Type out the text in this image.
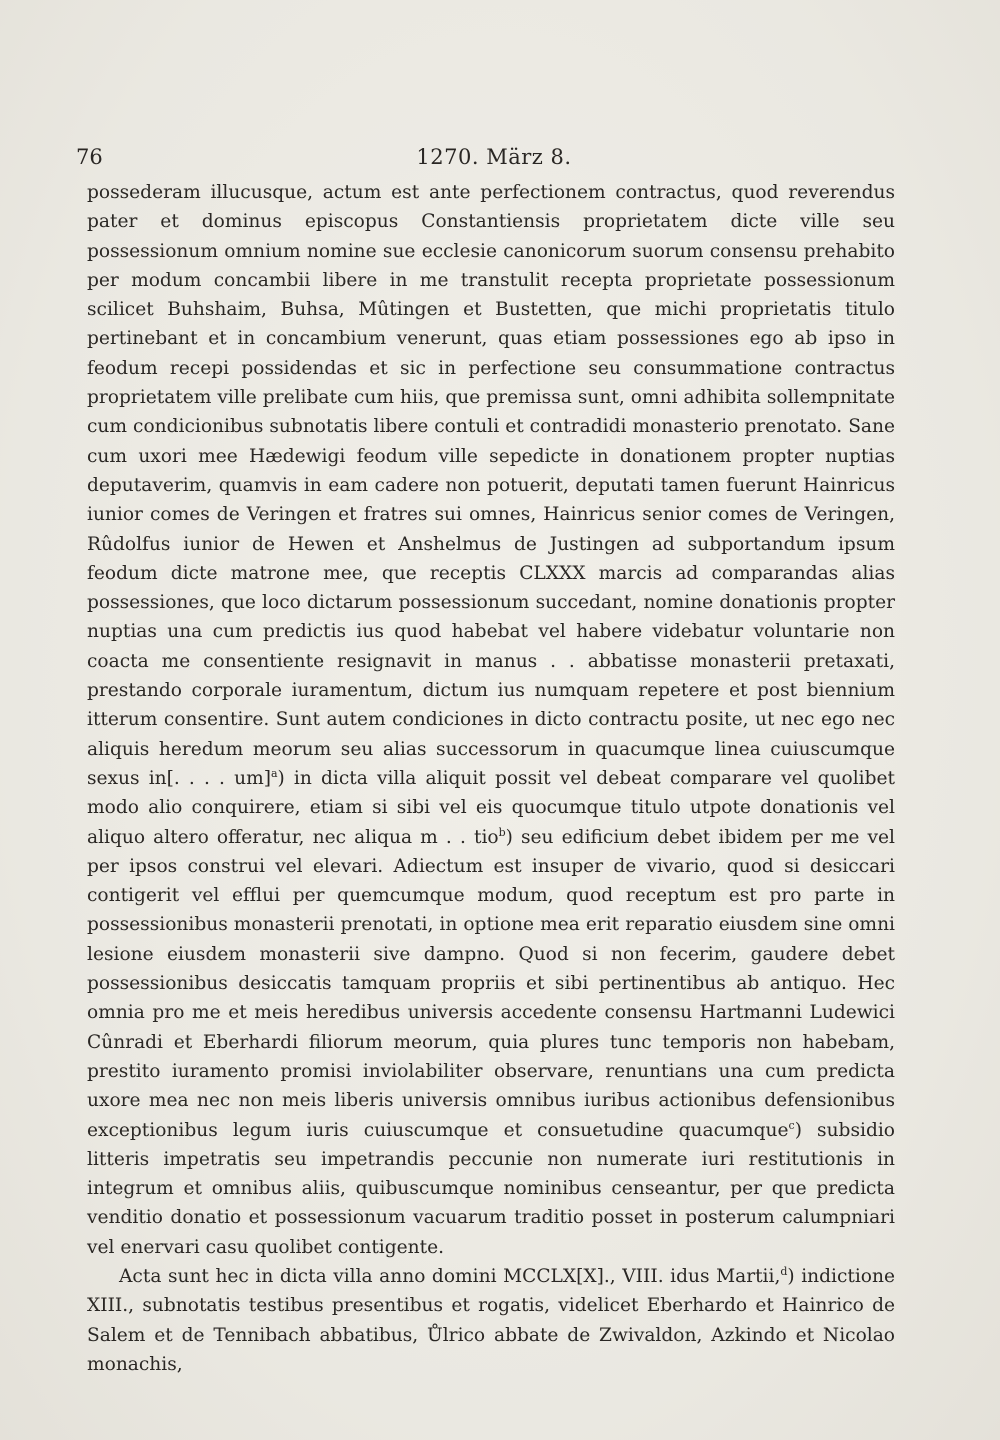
76	1270. März 8.

possederam illucusque, actum est ante perfectionem contractus, quod reverendus pater et dominus episcopus Constantiensis proprietatem dicte ville seu possessionum omnium nomine sue ecclesie canonicorum suorum consensu prehabito per modum concambii libere in me transtulit recepta proprietate possessionum scilicet Buhshaim, Buhsa, Mûtingen et Bustetten, que michi proprietatis titulo pertinebant et in concambium venerunt, quas etiam possessiones ego ab ipso in feodum recepi possidendas et sic in perfectione seu consummatione contractus proprietatem ville prelibate cum hiis, que premissa sunt, omni adhibita sollempnitate cum condicionibus subnotatis libere contuli et contradidi monasterio prenotato. Sane cum uxori mee Hædewigi feodum ville sepedicte in donationem propter nuptias deputaverim, quamvis in eam cadere non potuerit, deputati tamen fuerunt Hainricus iunior comes de Veringen et fratres sui omnes, Hainricus senior comes de Veringen, Rûdolfus iunior de Hewen et Anshelmus de Justingen ad subportandum ipsum feodum dicte matrone mee, que receptis CLXXX marcis ad comparandas alias possessiones, que loco dictarum possessionum succedant, nomine donationis propter nuptias una cum predictis ius quod habebat vel habere videbatur voluntarie non coacta me consentiente resignavit in manus . . abbatisse monasterii pretaxati, prestando corporale iuramentum, dictum ius numquam repetere et post biennium itterum consentire. Sunt autem condiciones in dicto contractu posite, ut nec ego nec aliquis heredum meorum seu alias successorum in quacumque linea cuiuscumque sexus in[. . . . um]$^a$) in dicta villa aliquit possit vel debeat comparare vel quolibet modo alio conquirere, etiam si sibi vel eis quocumque titulo utpote donationis vel aliquo altero offeratur, nec aliqua m . . tio$^b$) seu edificium debet ibidem per me vel per ipsos construi vel elevari. Adiectum est insuper de vivario, quod si desiccari contigerit vel efflui per quemcumque modum, quod receptum est pro parte in possessionibus monasterii prenotati, in optione mea erit reparatio eiusdem sine omni lesione eiusdem monasterii sive dampno. Quod si non fecerim, gaudere debet possessionibus desiccatis tamquam propriis et sibi pertinentibus ab antiquo. Hec omnia pro me et meis heredibus universis accedente consensu Hartmanni Ludewici Cûnradi et Eberhardi filiorum meorum, quia plures tunc temporis non habebam, prestito iuramento promisi inviolabiliter observare, renuntians una cum predicta uxore mea nec non meis liberis universis omnibus iuribus actionibus defensionibus exceptionibus legum iuris cuiuscumque et consuetudine quacumque$^c$) subsidio litteris impetratis seu impetrandis peccunie non numerate iuri restitutionis in integrum et omnibus aliis, quibuscumque nominibus censeantur, per que predicta venditio donatio et possessionum vacuarum traditio posset in posterum calumpniari vel enervari casu quolibet contigente.

Acta sunt hec in dicta villa anno domini MCCLX[X]., VIII. idus Martii,$^d$) indictione XIII., subnotatis testibus presentibus et rogatis, videlicet Eberhardo et Hainrico de Salem et de Tennibach abbatibus, Ůlrico abbate de Zwivaldon, Azkindo et Nicolao monachis,
